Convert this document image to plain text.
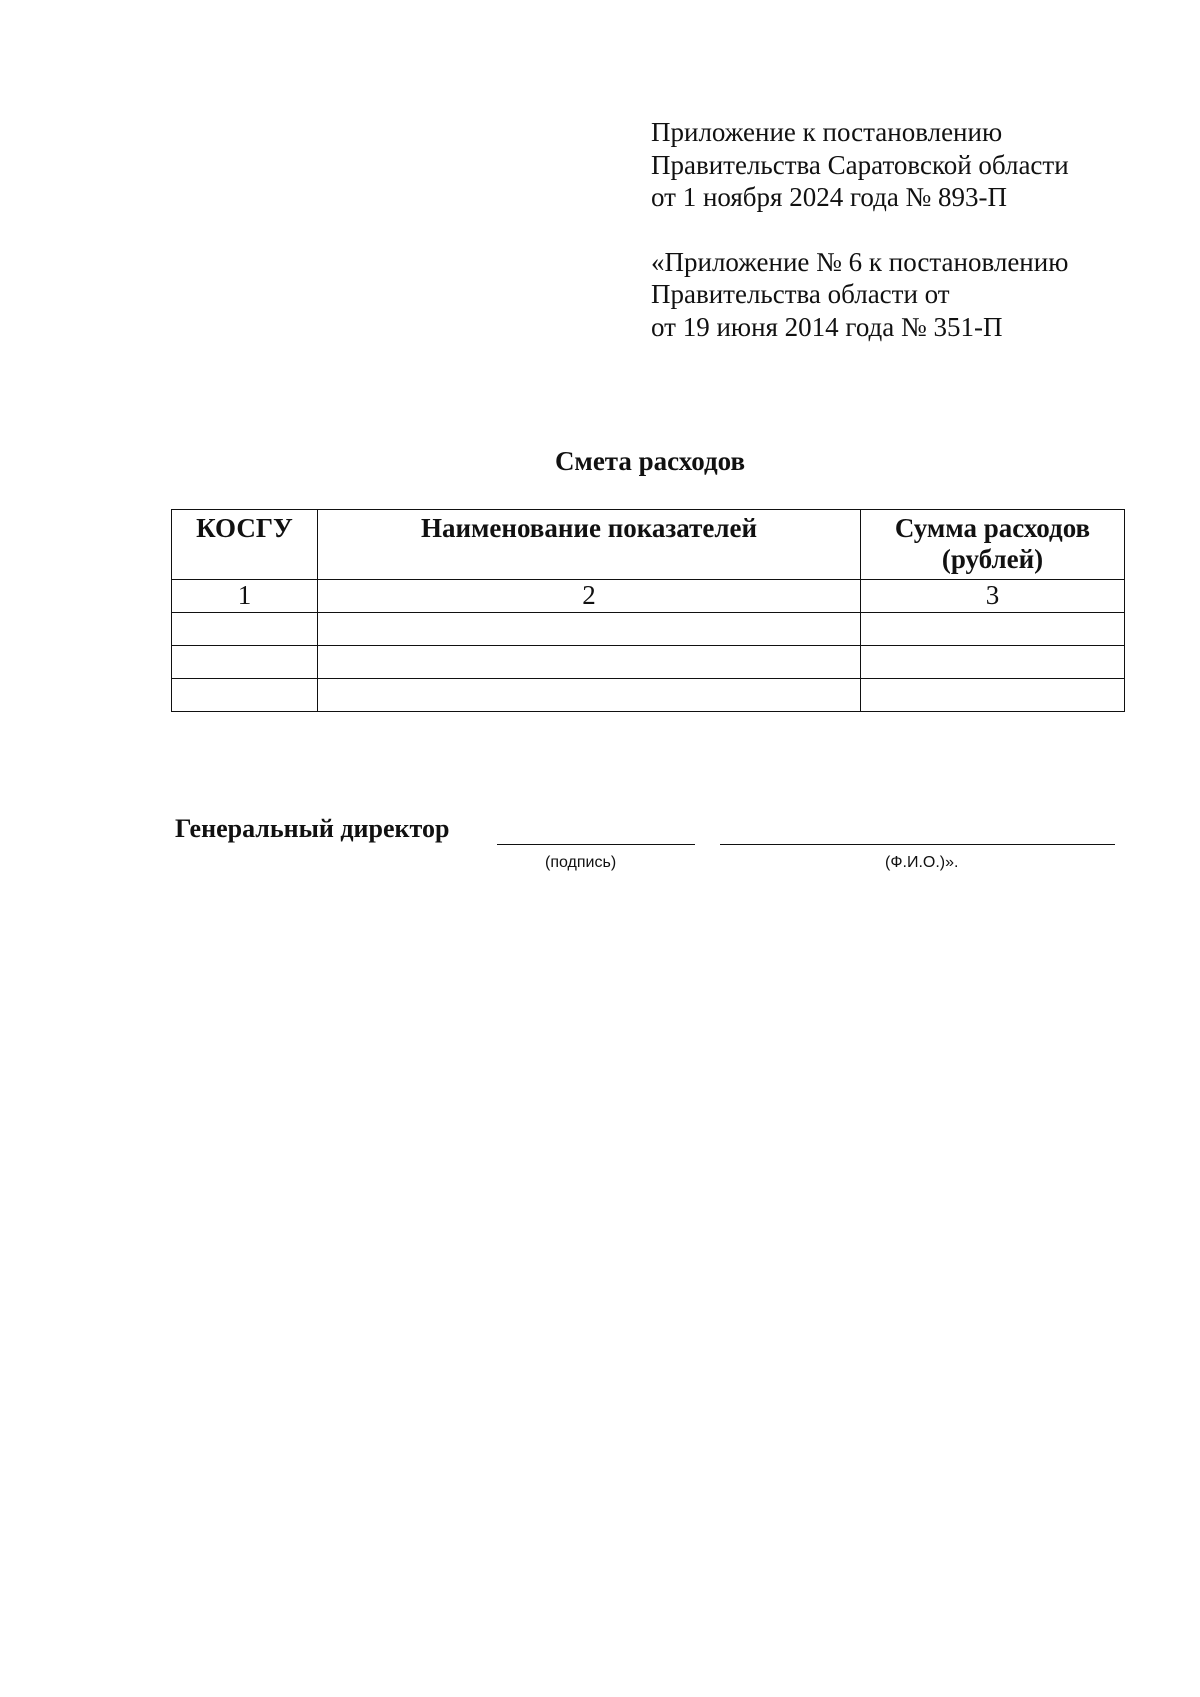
Приложение к постановлению
Правительства Саратовской области
от 1 ноября 2024 года № 893-П
«Приложение № 6 к постановлению
Правительства области от
от 19 июня 2014 года № 351-П
Смета расходов
КОСГУ	Наименование показателей	Сумма расходов (рублей)
1	2	3

Генеральный директор
(подпись)	(Ф.И.О.)».
